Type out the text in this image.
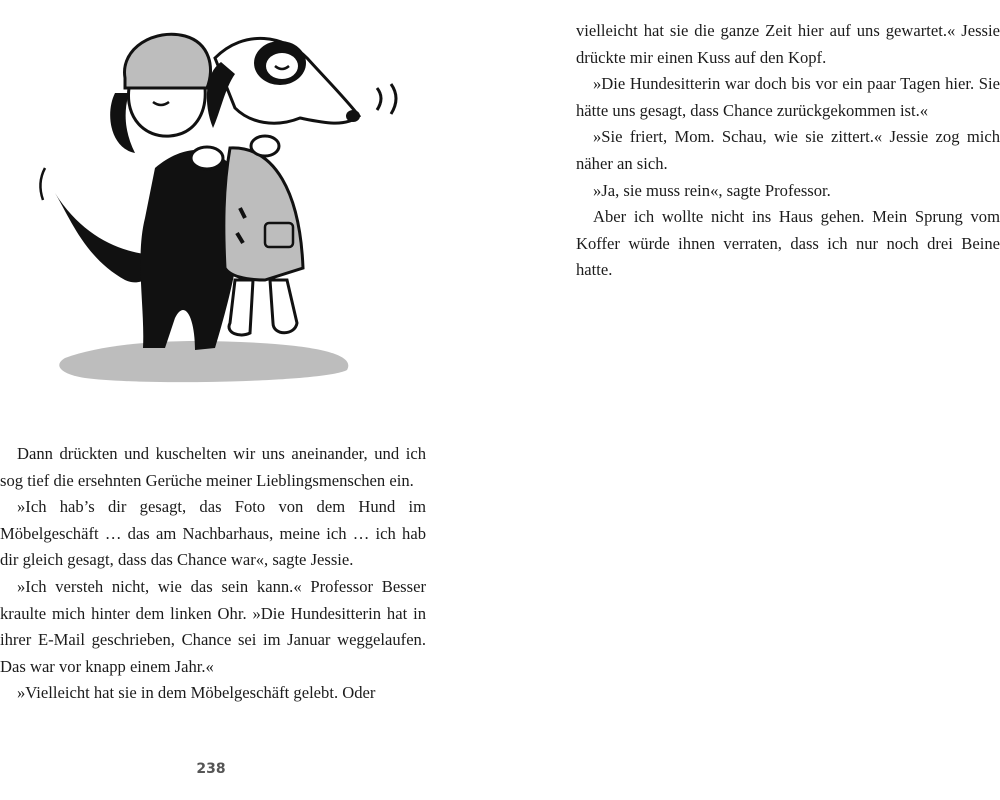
Dann drückten und kuschelten wir uns aneinander, und ich sog tief die ersehnten Gerüche meiner Lieblingsmenschen ein.

»Ich hab’s dir gesagt, das Foto von dem Hund im Möbelgeschäft … das am Nachbarhaus, meine ich … ich hab dir gleich gesagt, dass das Chance war«, sagte Jessie.

»Ich versteh nicht, wie das sein kann.« Professor Besser kraulte mich hinter dem linken Ohr. »Die Hundesitterin hat in ihrer E-Mail geschrieben, Chance sei im Januar weggelaufen. Das war vor knapp einem Jahr.«

»Vielleicht hat sie in dem Möbelgeschäft gelebt. Oder

238

vielleicht hat sie die ganze Zeit hier auf uns gewartet.« Jessie drückte mir einen Kuss auf den Kopf.

»Die Hundesitterin war doch bis vor ein paar Tagen hier. Sie hätte uns gesagt, dass Chance zurückgekommen ist.«

»Sie friert, Mom. Schau, wie sie zittert.« Jessie zog mich näher an sich.

»Ja, sie muss rein«, sagte Professor.

Aber ich wollte nicht ins Haus gehen. Mein Sprung vom Koffer würde ihnen verraten, dass ich nur noch drei Beine hatte.
